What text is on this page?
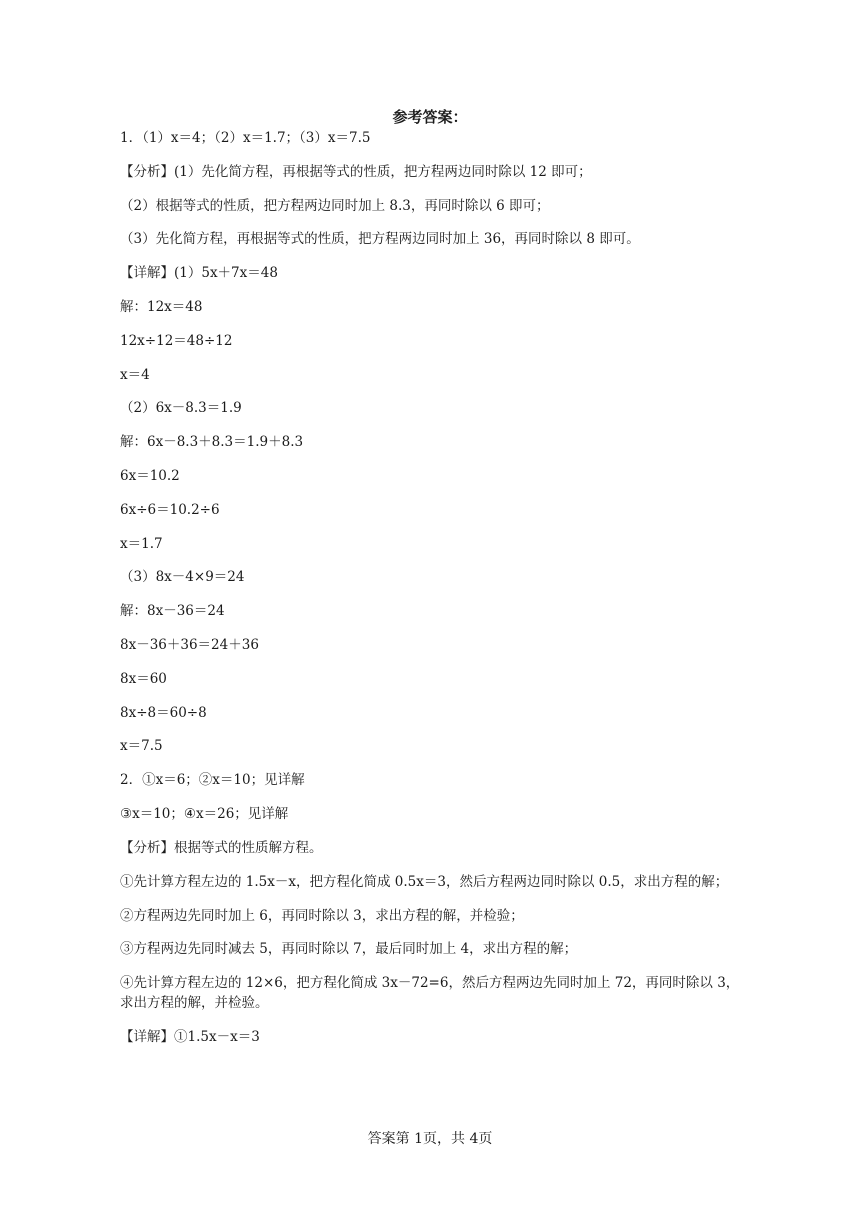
参考答案：
1．（1）x＝4；（2）x＝1.7；（3）x＝7.5
【分析】(1）先化简方程，再根据等式的性质，把方程两边同时除以 12 即可；
（2）根据等式的性质，把方程两边同时加上 8.3，再同时除以 6 即可；
（3）先化简方程，再根据等式的性质，把方程两边同时加上 36，再同时除以 8 即可。
【详解】(1）5x＋7x＝48
解：12x＝48
12x÷12＝48÷12
x＝4
（2）6x－8.3＝1.9
解：6x－8.3＋8.3＝1.9＋8.3
6x＝10.2
6x÷6＝10.2÷6
x＝1.7
（3）8x－4×9＝24
解：8x－36＝24
8x－36＋36＝24＋36
8x＝60
8x÷8＝60÷8
x＝7.5
2．①x＝6；②x＝10；见详解
③x＝10；④x＝26；见详解
【分析】根据等式的性质解方程。
①先计算方程左边的 1.5x－x，把方程化简成 0.5x＝3，然后方程两边同时除以 0.5，求出方程的解；
②方程两边先同时加上 6，再同时除以 3，求出方程的解，并检验；
③方程两边先同时减去 5，再同时除以 7，最后同时加上 4，求出方程的解；
④先计算方程左边的 12×6，把方程化简成 3x－72=6，然后方程两边先同时加上 72，再同时除以 3，求出方程的解，并检验。
【详解】①1.5x－x＝3
答案第 1页，共 4页
